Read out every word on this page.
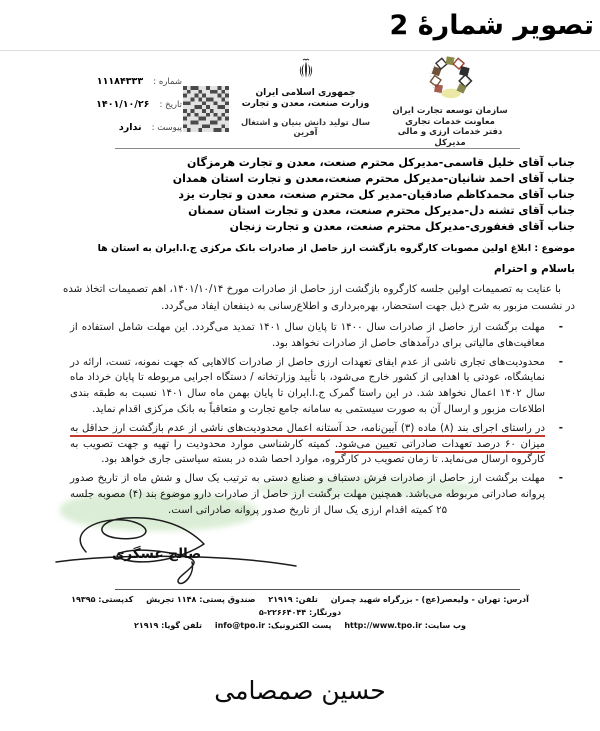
تصویر شمارۀ 2
سازمان توسعه تجارت ایران
معاونت خدمات تجاری
دفتر خدمات ارزی و مالی
مدیرکل
جمهوری اسلامی ایران
وزارت صنعت، معدن و تجارت
سال تولید دانش بنیان و اشتغال آفرین
شماره : ۱۱۱۸۴۳۳۳
تاریخ : ۱۴۰۱/۱۰/۲۶
پیوست : ندارد
جناب آقای خلیل قاسمی-مدیرکل محترم صنعت، معدن و تجارت هرمزگان
جناب آقای احمد شانیان-مدیرکل محترم صنعت،معدن و تجارت استان همدان
جناب آقای محمدکاظم صادقیان-مدیر کل محترم صنعت، معدن و تجارت یزد
جناب آقای تشنه دل-مدیرکل محترم صنعت، معدن و تجارت استان سمنان
جناب آقای فغفوری-مدیرکل محترم صنعت، معدن و تجارت زنجان
موضوع : ابلاغ اولین مصوبات کارگروه بازگشت ارز حاصل از صادرات بانک مرکزی ج.ا.ایران به استان ها
باسلام و احترام
با عنایت به تصمیمات اولین جلسه کارگروه بازگشت ارز حاصل از صادرات مورخ ۱۴۰۱/۱۰/۱۴، اهم تصمیمات اتخاذ شده در نشست مزبور به شرح ذیل جهت استحضار، بهره‌برداری و اطلاع‌رسانی به ذینفعان ایفاد می‌گردد.
- مهلت برگشت ارز حاصل از صادرات سال ۱۴۰۰ تا پایان سال ۱۴۰۱ تمدید می‌گردد. این مهلت شامل استفاده از معافیت‌های مالیاتی برای درآمدهای حاصل از صادرات نخواهد بود.
- محدودیت‌های تجاری ناشی از عدم ایفای تعهدات ارزی حاصل از صادرات کالاهایی که جهت نمونه، تست، ارائه در نمایشگاه، عودتی یا اهدایی از کشور خارج می‌شود، با تأیید وزارتخانه / دستگاه اجرایی مربوطه تا پایان خرداد ماه سال ۱۴۰۲ اعمال نخواهد شد. در این راستا گمرک ج.ا.ایران تا پایان بهمن ماه سال ۱۴۰۱ نسبت به طبقه بندی اطلاعات مزبور و ارسال آن به صورت سیستمی به سامانه جامع تجارت و متعاقباً به بانک مرکزی اقدام نماید.
- در راستای اجرای بند (۸) ماده (۳) آیین‌نامه، حد آستانه اعمال محدودیت‌های ناشی از عدم بازگشت ارز حداقل به میزان ۶۰ درصد تعهدات صادراتی تعیین می‌شود. کمیته کارشناسی موارد محدودیت را تهیه و جهت تصویب به کارگروه ارسال می‌نماید. تا زمان تصویب در کارگروه، موارد احصا شده در بسته سیاستی جاری خواهد بود.
- مهلت برگشت ارز حاصل از صادرات فرش دستباف و صنایع دستی به ترتیب یک سال و شش ماه از تاریخ صدور پروانه صادراتی مربوطه می‌باشد. همچنین مهلت برگشت ارز حاصل از صادرات دارو موضوع بند (۴) مصوبه جلسه ۲۵ کمیته اقدام ارزی یک سال از تاریخ صدور پروانه صادراتی است.
صالح عسگری
آدرس: تهران - ولیعصر(عج) - بزرگراه شهید چمران تلفن: ۲۱۹۱۹ صندوق پستی: ۱۱۴۸ تجریش کدپستی: ۱۹۳۹۵ دورنگار: ۲۲۶۶۴۰۴۴-۵
وب سایت: http://www.tpo.ir پست الکترونیک: info@tpo.ir تلفن گویا: ۲۱۹۱۹
حسین صمصامی
